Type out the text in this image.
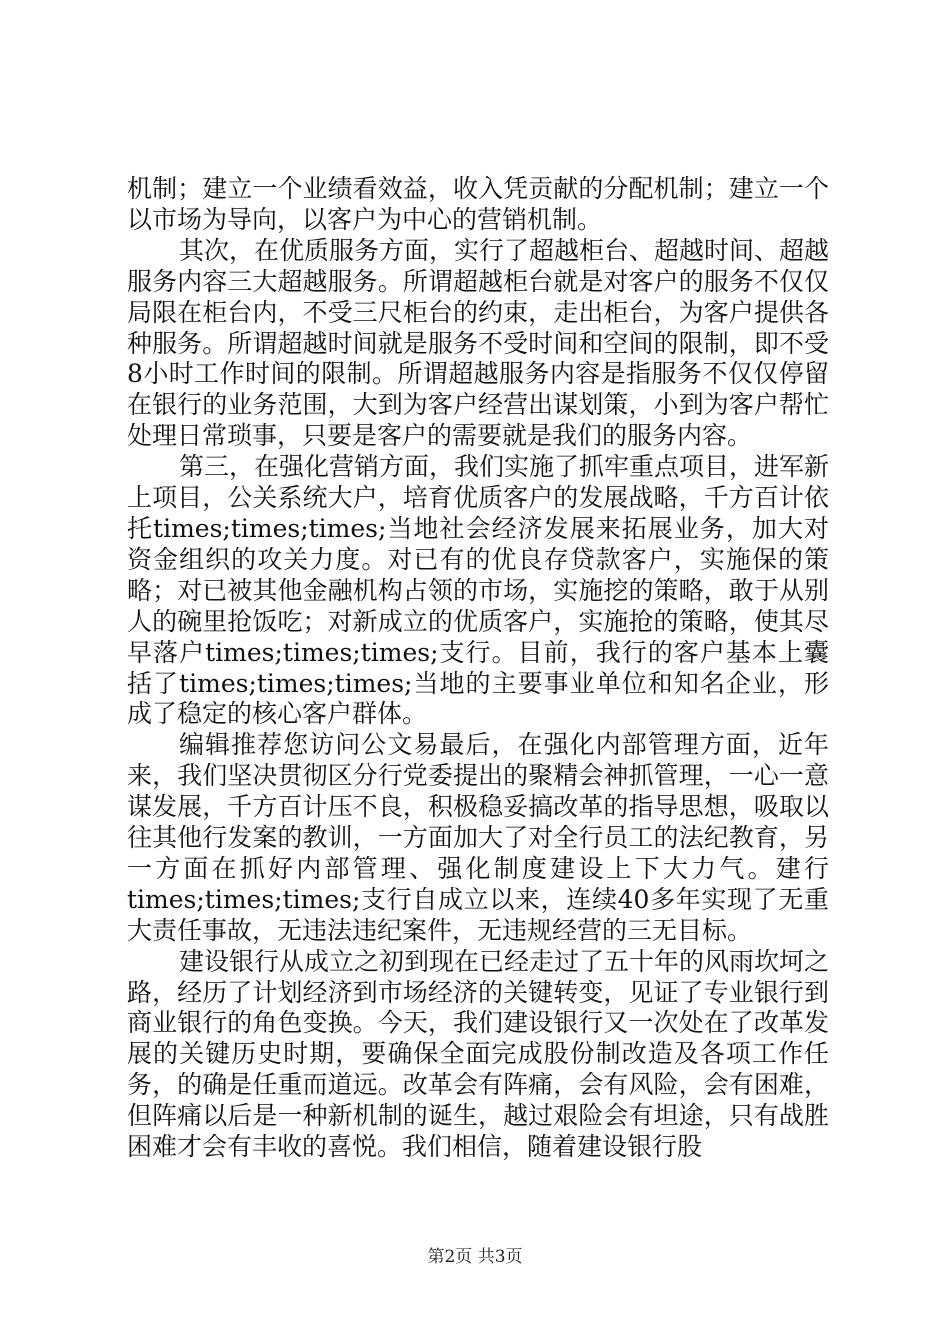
机制；建立一个业绩看效益，收入凭贡献的分配机制；建立一个以市场为导向，以客户为中心的营销机制。

其次，在优质服务方面，实行了超越柜台、超越时间、超越服务内容三大超越服务。所谓超越柜台就是对客户的服务不仅仅局限在柜台内，不受三尺柜台的约束，走出柜台，为客户提供各种服务。所谓超越时间就是服务不受时间和空间的限制，即不受8小时工作时间的限制。所谓超越服务内容是指服务不仅仅停留在银行的业务范围，大到为客户经营出谋划策，小到为客户帮忙处理日常琐事，只要是客户的需要就是我们的服务内容。

第三，在强化营销方面，我们实施了抓牢重点项目，进军新上项目，公关系统大户，培育优质客户的发展战略，千方百计依托times;times;times;当地社会经济发展来拓展业务，加大对资金组织的攻关力度。对已有的优良存贷款客户，实施保的策略；对已被其他金融机构占领的市场，实施挖的策略，敢于从别人的碗里抢饭吃；对新成立的优质客户，实施抢的策略，使其尽早落户times;times;times;支行。目前，我行的客户基本上囊括了times;times;times;当地的主要事业单位和知名企业，形成了稳定的核心客户群体。

编辑推荐您访问公文易最后，在强化内部管理方面，近年来，我们坚决贯彻区分行党委提出的聚精会神抓管理，一心一意谋发展，千方百计压不良，积极稳妥搞改革的指导思想，吸取以往其他行发案的教训，一方面加大了对全行员工的法纪教育，另一方面在抓好内部管理、强化制度建设上下大力气。建行times;times;times;支行自成立以来，连续40多年实现了无重大责任事故，无违法违纪案件，无违规经营的三无目标。

建设银行从成立之初到现在已经走过了五十年的风雨坎坷之路，经历了计划经济到市场经济的关键转变，见证了专业银行到商业银行的角色变换。今天，我们建设银行又一次处在了改革发展的关键历史时期，要确保全面完成股份制改造及各项工作任务，的确是任重而道远。改革会有阵痛，会有风险，会有困难，但阵痛以后是一种新机制的诞生，越过艰险会有坦途，只有战胜困难才会有丰收的喜悦。我们相信，随着建设银行股

第2页 共3页
